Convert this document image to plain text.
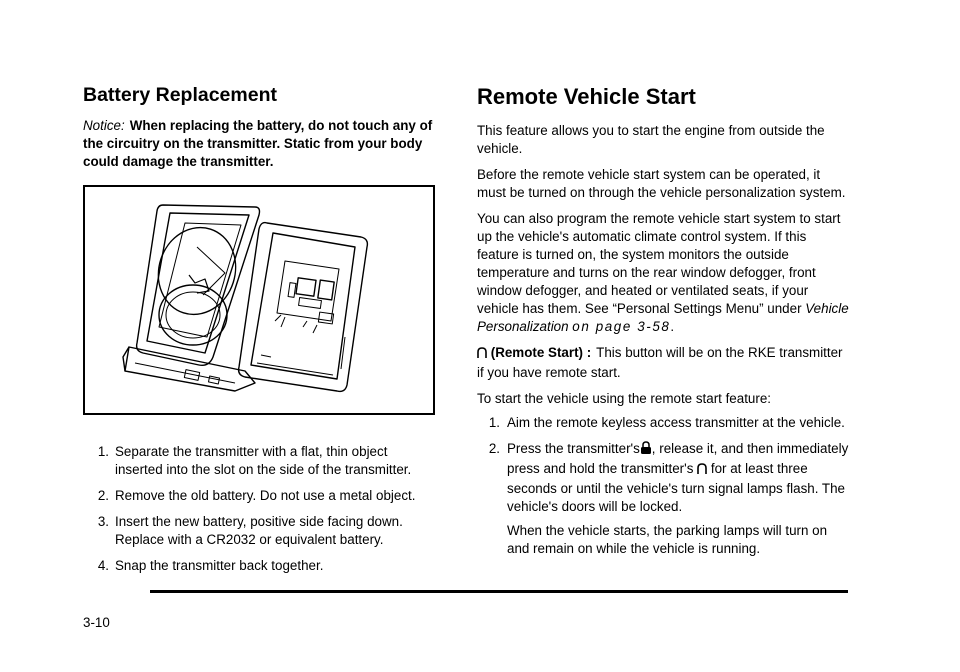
Battery Replacement

Notice: When replacing the battery, do not touch any of the circuitry on the transmitter. Static from your body could damage the transmitter.

1. Separate the transmitter with a flat, thin object inserted into the slot on the side of the transmitter.
2. Remove the old battery. Do not use a metal object.
3. Insert the new battery, positive side facing down. Replace with a CR2032 or equivalent battery.
4. Snap the transmitter back together.
Remote Vehicle Start

This feature allows you to start the engine from outside the vehicle.

Before the remote vehicle start system can be operated, it must be turned on through the vehicle personalization system.

You can also program the remote vehicle start system to start up the vehicle's automatic climate control system. If this feature is turned on, the system monitors the outside temperature and turns on the rear window defogger, front window defogger, and heated or ventilated seats, if your vehicle has them. See “Personal Settings Menu” under Vehicle Personalization on page 3-58.

(Remote Start) : This button will be on the RKE transmitter if you have remote start.

To start the vehicle using the remote start feature:

1. Aim the remote keyless access transmitter at the vehicle.
2. Press the transmitter's , release it, and then immediately press and hold the transmitter's for at least three seconds or until the vehicle's turn signal lamps flash. The vehicle's doors will be locked.

When the vehicle starts, the parking lamps will turn on and remain on while the vehicle is running.

3-10
